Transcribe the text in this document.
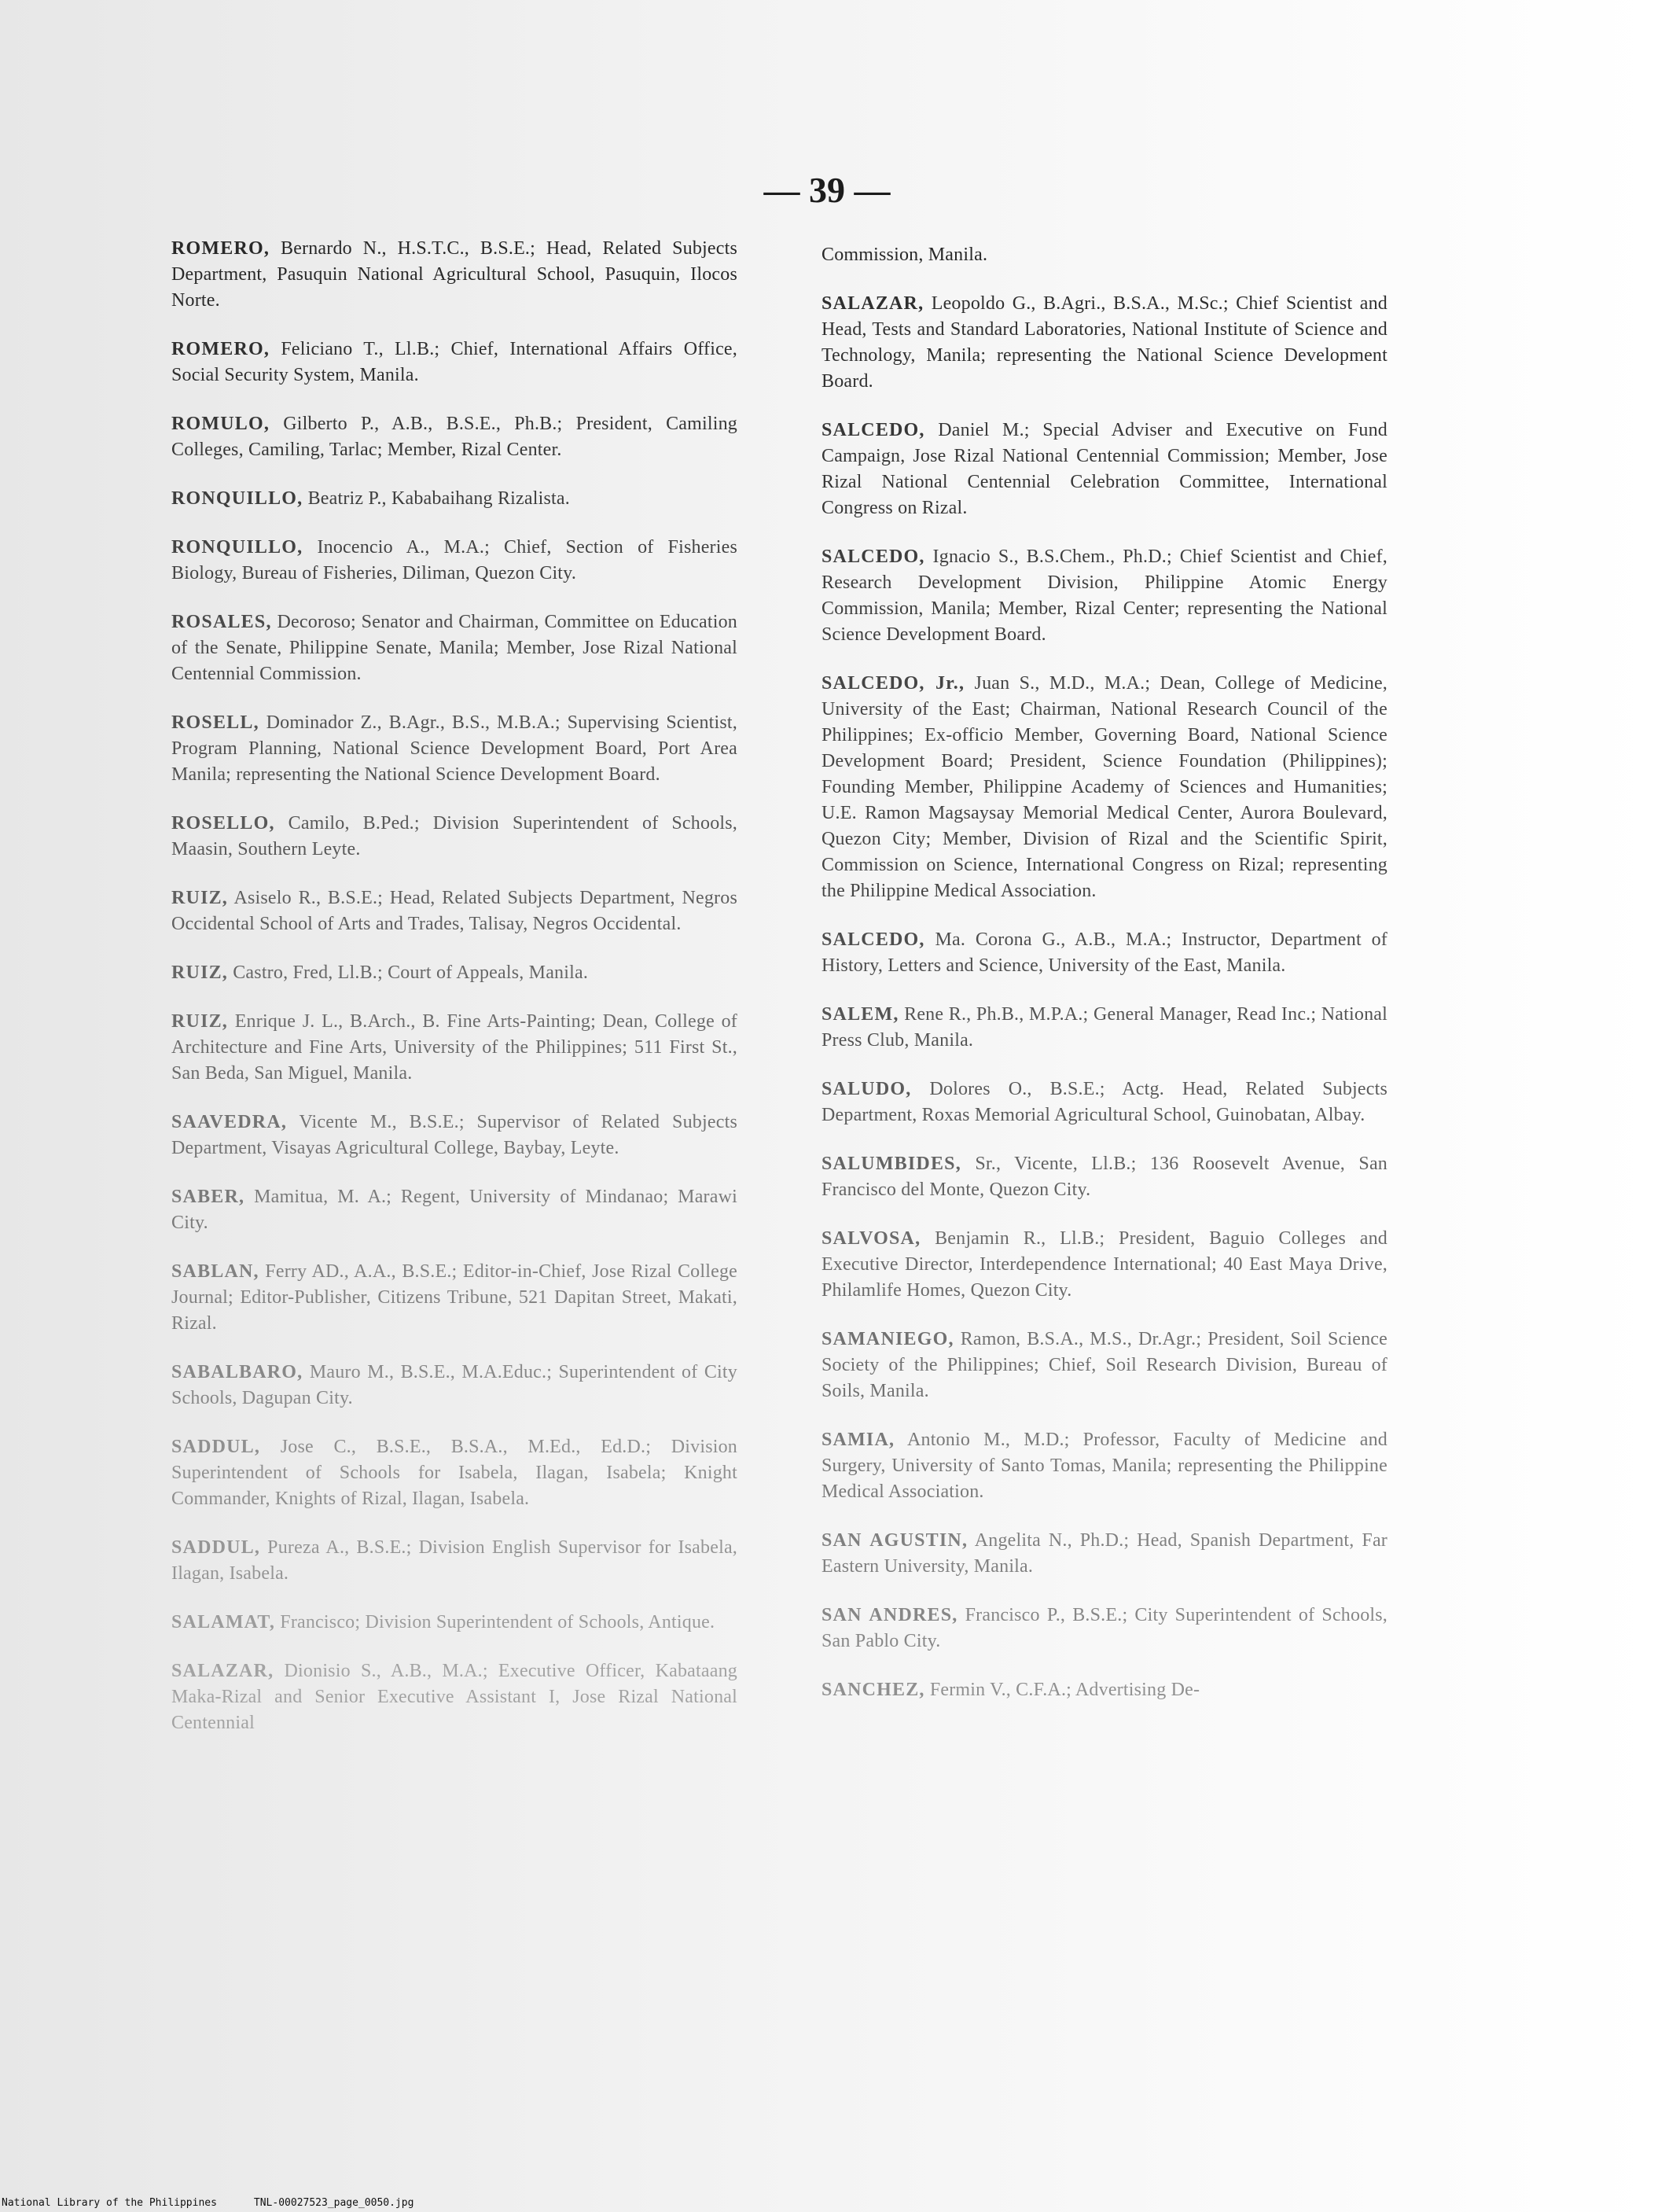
— 39 —

ROMERO, Bernardo N., H.S.T.C., B.S.E.; Head, Related Subjects Department, Pasuquin National Agricultural School, Pasuquin, Ilocos Norte.

ROMERO, Feliciano T., Ll.B.; Chief, International Affairs Office, Social Security System, Manila.

ROMULO, Gilberto P., A.B., B.S.E., Ph.B.; President, Camiling Colleges, Camiling, Tarlac; Member, Rizal Center.

RONQUILLO, Beatriz P., Kababaihang Rizalista.

RONQUILLO, Inocencio A., M.A.; Chief, Section of Fisheries Biology, Bureau of Fisheries, Diliman, Quezon City.

ROSALES, Decoroso; Senator and Chairman, Committee on Education of the Senate, Philippine Senate, Manila; Member, Jose Rizal National Centennial Commission.

ROSELL, Dominador Z., B.Agr., B.S., M.B.A.; Supervising Scientist, Program Planning, National Science Development Board, Port Area Manila; representing the National Science Development Board.

ROSELLO, Camilo, B.Ped.; Division Superintendent of Schools, Maasin, Southern Leyte.

RUIZ, Asiselo R., B.S.E.; Head, Related Subjects Department, Negros Occidental School of Arts and Trades, Talisay, Negros Occidental.

RUIZ, Castro, Fred, Ll.B.; Court of Appeals, Manila.

RUIZ, Enrique J. L., B.Arch., B. Fine Arts-Painting; Dean, College of Architecture and Fine Arts, University of the Philippines; 511 First St., San Beda, San Miguel, Manila.

SAAVEDRA, Vicente M., B.S.E.; Supervisor of Related Subjects Department, Visayas Agricultural College, Baybay, Leyte.

SABER, Mamitua, M. A.; Regent, University of Mindanao; Marawi City.

SABLAN, Ferry AD., A.A., B.S.E.; Editor-in-Chief, Jose Rizal College Journal; Editor-Publisher, Citizens Tribune, 521 Dapitan Street, Makati, Rizal.

SABALBARO, Mauro M., B.S.E., M.A.Educ.; Superintendent of City Schools, Dagupan City.

SADDUL, Jose C., B.S.E., B.S.A., M.Ed., Ed.D.; Division Superintendent of Schools for Isabela, Ilagan, Isabela; Knight Commander, Knights of Rizal, Ilagan, Isabela.

SADDUL, Pureza A., B.S.E.; Division English Supervisor for Isabela, Ilagan, Isabela.

SALAMAT, Francisco; Division Superintendent of Schools, Antique.

SALAZAR, Dionisio S., A.B., M.A.; Executive Officer, Kabataang Maka-Rizal and Senior Executive Assistant I, Jose Rizal National Centennial

Commission, Manila.

SALAZAR, Leopoldo G., B.Agri., B.S.A., M.Sc.; Chief Scientist and Head, Tests and Standard Laboratories, National Institute of Science and Technology, Manila; representing the National Science Development Board.

SALCEDO, Daniel M.; Special Adviser and Executive on Fund Campaign, Jose Rizal National Centennial Commission; Member, Jose Rizal National Centennial Celebration Committee, International Congress on Rizal.

SALCEDO, Ignacio S., B.S.Chem., Ph.D.; Chief Scientist and Chief, Research Development Division, Philippine Atomic Energy Commission, Manila; Member, Rizal Center; representing the National Science Development Board.

SALCEDO, Jr., Juan S., M.D., M.A.; Dean, College of Medicine, University of the East; Chairman, National Research Council of the Philippines; Ex-officio Member, Governing Board, National Science Development Board; President, Science Foundation (Philippines); Founding Member, Philippine Academy of Sciences and Humanities; U.E. Ramon Magsaysay Memorial Medical Center, Aurora Boulevard, Quezon City; Member, Division of Rizal and the Scientific Spirit, Commission on Science, International Congress on Rizal; representing the Philippine Medical Association.

SALCEDO, Ma. Corona G., A.B., M.A.; Instructor, Department of History, Letters and Science, University of the East, Manila.

SALEM, Rene R., Ph.B., M.P.A.; General Manager, Read Inc.; National Press Club, Manila.

SALUDO, Dolores O., B.S.E.; Actg. Head, Related Subjects Department, Roxas Memorial Agricultural School, Guinobatan, Albay.

SALUMBIDES, Sr., Vicente, Ll.B.; 136 Roosevelt Avenue, San Francisco del Monte, Quezon City.

SALVOSA, Benjamin R., Ll.B.; President, Baguio Colleges and Executive Director, Interdependence International; 40 East Maya Drive, Philamlife Homes, Quezon City.

SAMANIEGO, Ramon, B.S.A., M.S., Dr.Agr.; President, Soil Science Society of the Philippines; Chief, Soil Research Division, Bureau of Soils, Manila.

SAMIA, Antonio M., M.D.; Professor, Faculty of Medicine and Surgery, University of Santo Tomas, Manila; representing the Philippine Medical Association.

SAN AGUSTIN, Angelita N., Ph.D.; Head, Spanish Department, Far Eastern University, Manila.

SAN ANDRES, Francisco P., B.S.E.; City Superintendent of Schools, San Pablo City.

SANCHEZ, Fermin V., C.F.A.; Advertising De-

National Library of the Philippines	TNL-00027523_page_0050.jpg
